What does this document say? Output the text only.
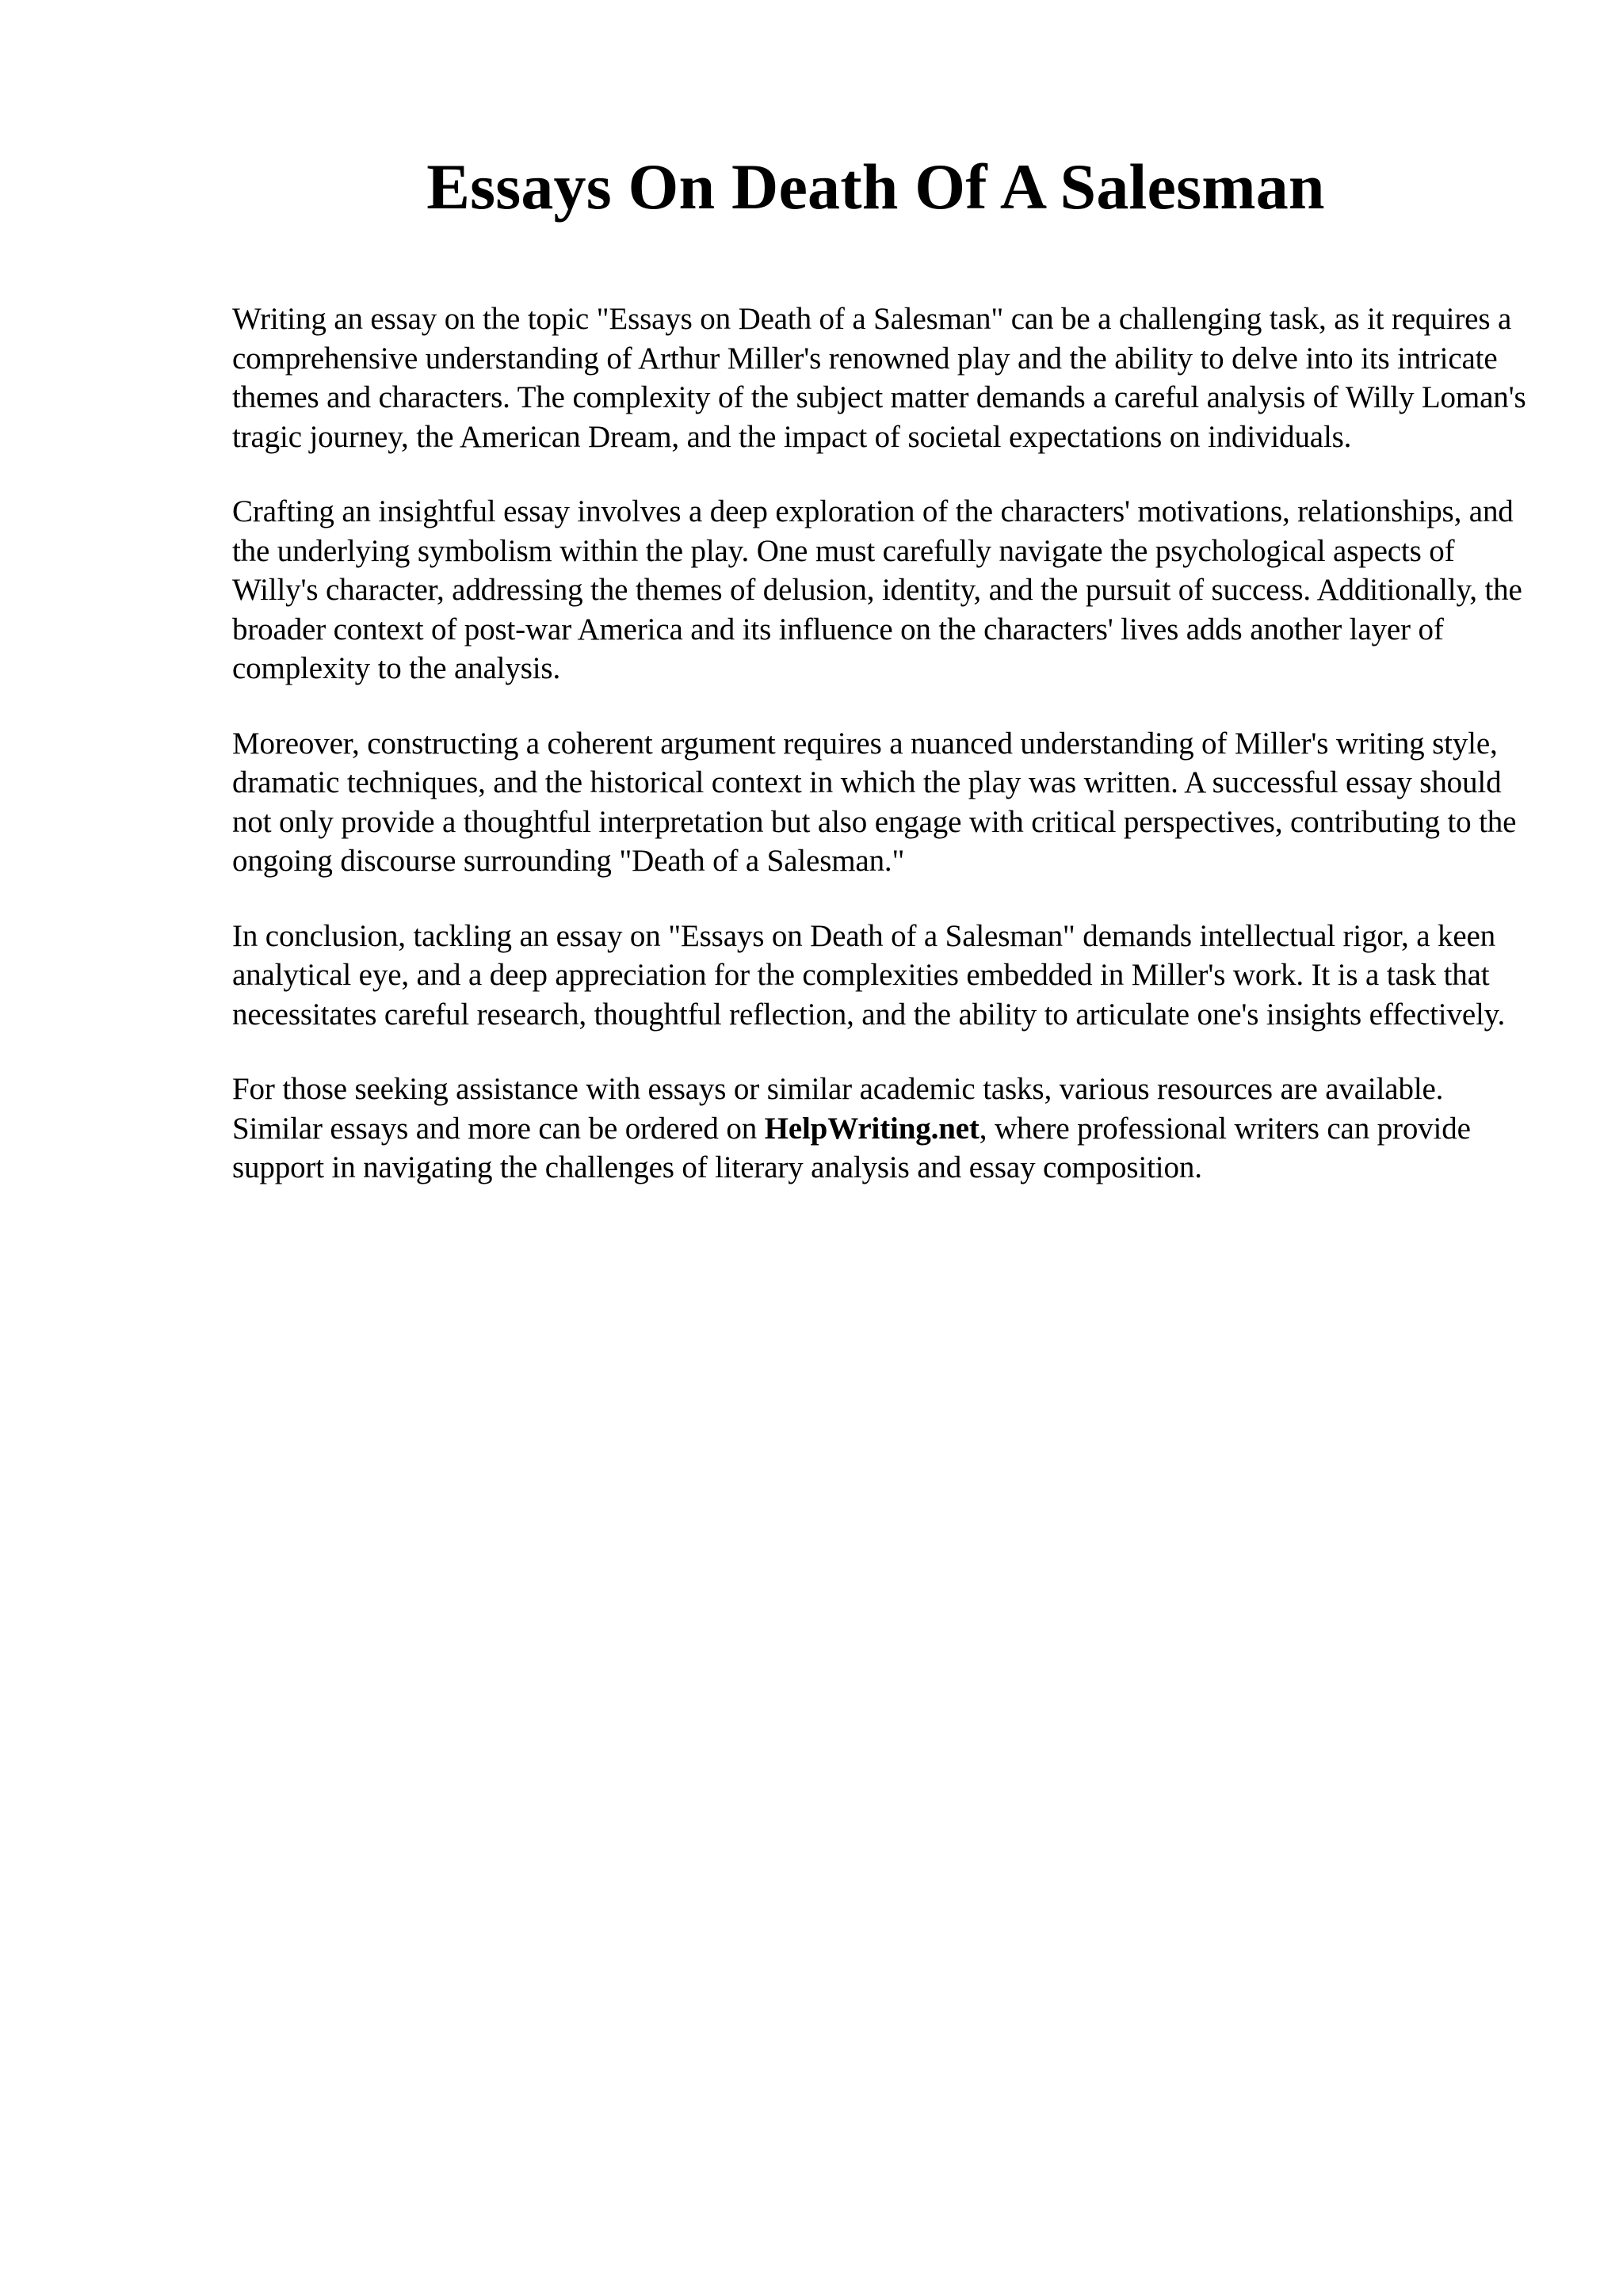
Essays On Death Of A Salesman

Writing an essay on the topic "Essays on Death of a Salesman" can be a challenging task, as it requires a comprehensive understanding of Arthur Miller's renowned play and the ability to delve into its intricate themes and characters. The complexity of the subject matter demands a careful analysis of Willy Loman's tragic journey, the American Dream, and the impact of societal expectations on individuals.

Crafting an insightful essay involves a deep exploration of the characters' motivations, relationships, and the underlying symbolism within the play. One must carefully navigate the psychological aspects of Willy's character, addressing the themes of delusion, identity, and the pursuit of success. Additionally, the broader context of post-war America and its influence on the characters' lives adds another layer of complexity to the analysis.

Moreover, constructing a coherent argument requires a nuanced understanding of Miller's writing style, dramatic techniques, and the historical context in which the play was written. A successful essay should not only provide a thoughtful interpretation but also engage with critical perspectives, contributing to the ongoing discourse surrounding "Death of a Salesman."

In conclusion, tackling an essay on "Essays on Death of a Salesman" demands intellectual rigor, a keen analytical eye, and a deep appreciation for the complexities embedded in Miller's work. It is a task that necessitates careful research, thoughtful reflection, and the ability to articulate one's insights effectively.

For those seeking assistance with essays or similar academic tasks, various resources are available. Similar essays and more can be ordered on HelpWriting.net, where professional writers can provide support in navigating the challenges of literary analysis and essay composition.
